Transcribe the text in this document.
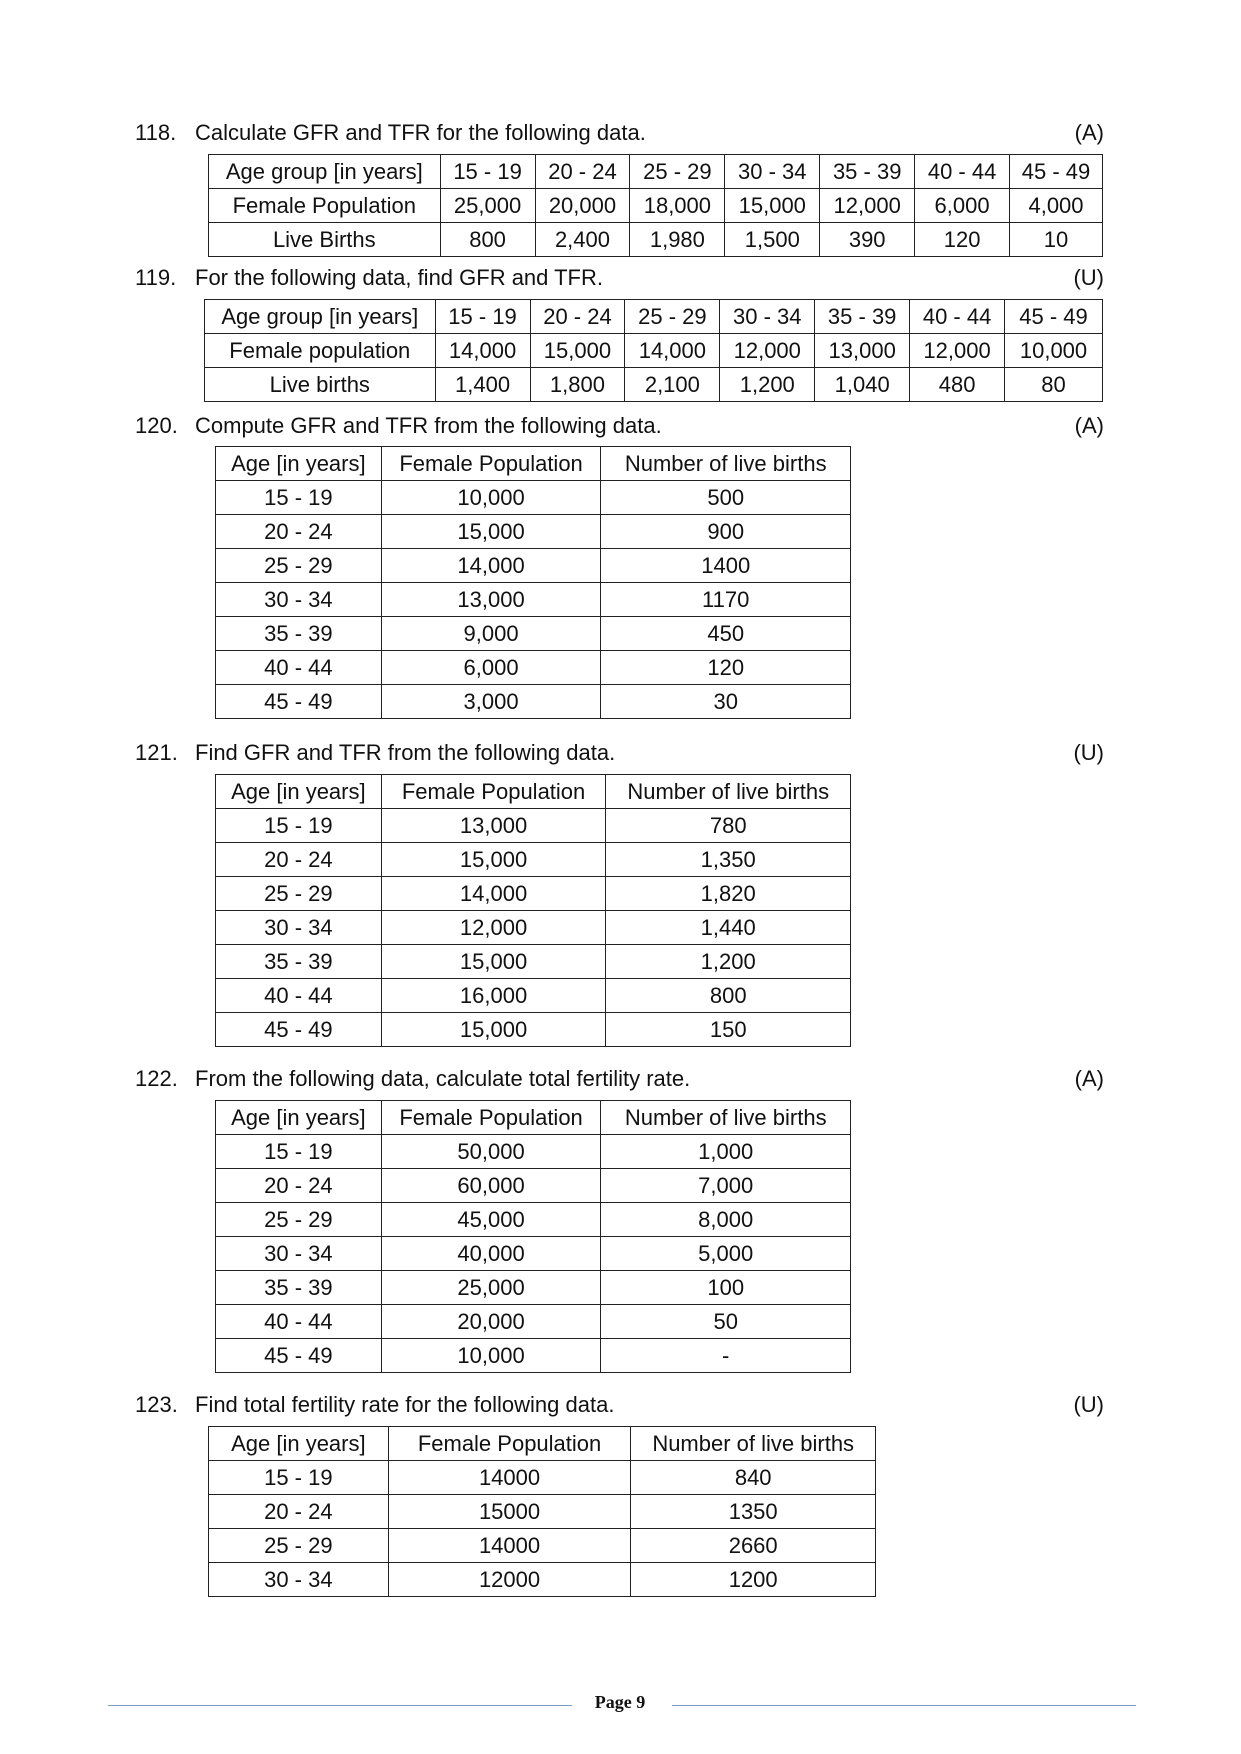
118. Calculate GFR and TFR for the following data.	(A)
Age group [in years]	15 - 19	20 - 24	25 - 29	30 - 34	35 - 39	40 - 44	45 - 49
Female Population	25,000	20,000	18,000	15,000	12,000	6,000	4,000
Live Births	800	2,400	1,980	1,500	390	120	10
119. For the following data, find GFR and TFR.	(U)
Age group [in years]	15 - 19	20 - 24	25 - 29	30 - 34	35 - 39	40 - 44	45 - 49
Female population	14,000	15,000	14,000	12,000	13,000	12,000	10,000
Live births	1,400	1,800	2,100	1,200	1,040	480	80
120. Compute GFR and TFR from the following data.	(A)
Age [in years]	Female Population	Number of live births
15 - 19	10,000	500
20 - 24	15,000	900
25 - 29	14,000	1400
30 - 34	13,000	1170
35 - 39	9,000	450
40 - 44	6,000	120
45 - 49	3,000	30
121. Find GFR and TFR from the following data.	(U)
Age [in years]	Female Population	Number of live births
15 - 19	13,000	780
20 - 24	15,000	1,350
25 - 29	14,000	1,820
30 - 34	12,000	1,440
35 - 39	15,000	1,200
40 - 44	16,000	800
45 - 49	15,000	150
122. From the following data, calculate total fertility rate.	(A)
Age [in years]	Female Population	Number of live births
15 - 19	50,000	1,000
20 - 24	60,000	7,000
25 - 29	45,000	8,000
30 - 34	40,000	5,000
35 - 39	25,000	100
40 - 44	20,000	50
45 - 49	10,000	-
123. Find total fertility rate for the following data.	(U)
Age [in years]	Female Population	Number of live births
15 - 19	14000	840
20 - 24	15000	1350
25 - 29	14000	2660
30 - 34	12000	1200
Page 9
